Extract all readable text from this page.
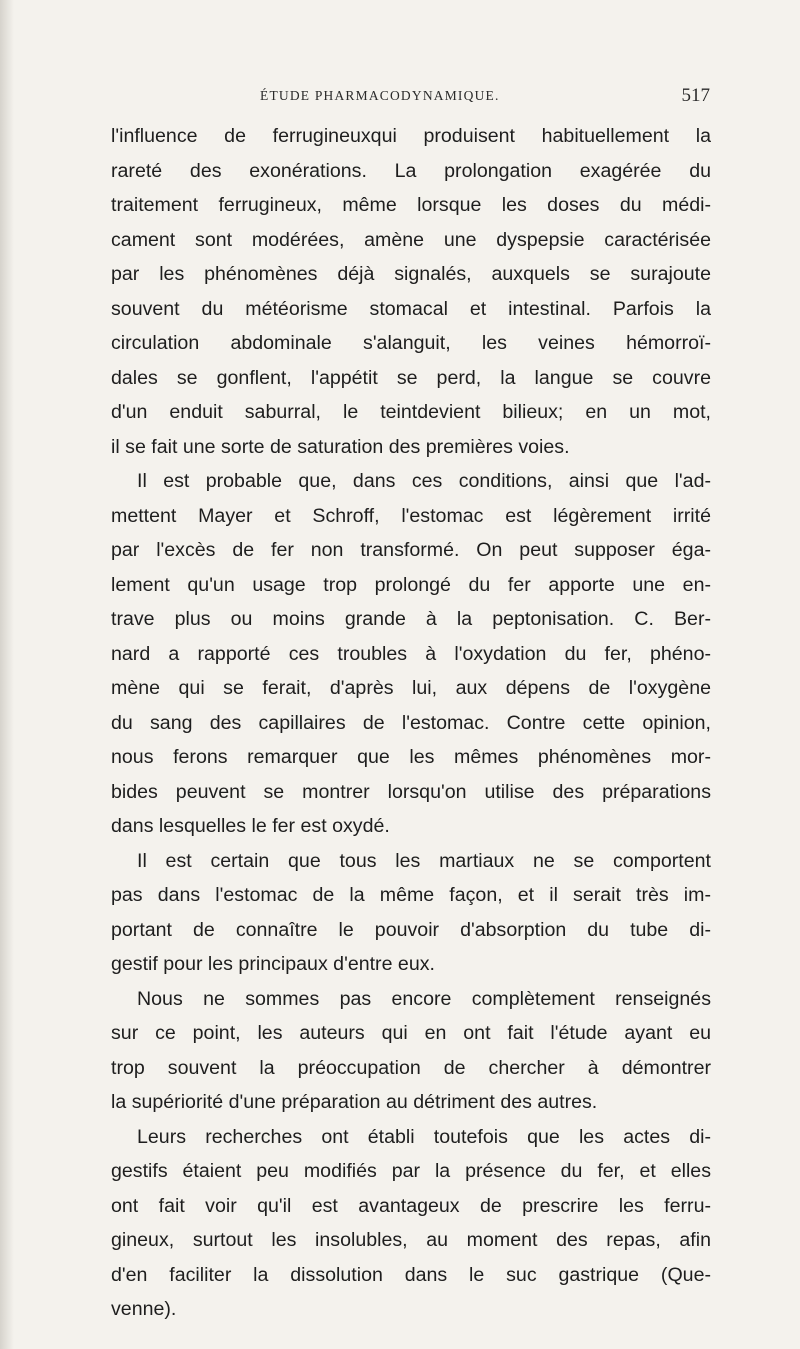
ÉTUDE PHARMACODYNAMIQUE.	517
l'influence de ferrugineuxqui produisent habituellement la
rareté des exonérations. La prolongation exagérée du
traitement ferrugineux, même lorsque les doses du médi-
cament sont modérées, amène une dyspepsie caractérisée
par les phénomènes déjà signalés, auxquels se surajoute
souvent du météorisme stomacal et intestinal. Parfois la
circulation abdominale s'alanguit, les veines hémorroï-
dales se gonflent, l'appétit se perd, la langue se couvre
d'un enduit saburral, le teintdevient bilieux; en un mot,
il se fait une sorte de saturation des premières voies.
Il est probable que, dans ces conditions, ainsi que l'ad-
mettent Mayer et Schroff, l'estomac est légèrement irrité
par l'excès de fer non transformé. On peut supposer éga-
lement qu'un usage trop prolongé du fer apporte une en-
trave plus ou moins grande à la peptonisation. C. Ber-
nard a rapporté ces troubles à l'oxydation du fer, phéno-
mène qui se ferait, d'après lui, aux dépens de l'oxygène
du sang des capillaires de l'estomac. Contre cette opinion,
nous ferons remarquer que les mêmes phénomènes mor-
bides peuvent se montrer lorsqu'on utilise des préparations
dans lesquelles le fer est oxydé.
Il est certain que tous les martiaux ne se comportent
pas dans l'estomac de la même façon, et il serait très im-
portant de connaître le pouvoir d'absorption du tube di-
gestif pour les principaux d'entre eux.
Nous ne sommes pas encore complètement renseignés
sur ce point, les auteurs qui en ont fait l'étude ayant eu
trop souvent la préoccupation de chercher à démontrer
la supériorité d'une préparation au détriment des autres.
Leurs recherches ont établi toutefois que les actes di-
gestifs étaient peu modifiés par la présence du fer, et elles
ont fait voir qu'il est avantageux de prescrire les ferru-
gineux, surtout les insolubles, au moment des repas, afin
d'en faciliter la dissolution dans le suc gastrique (Que-
venne).
